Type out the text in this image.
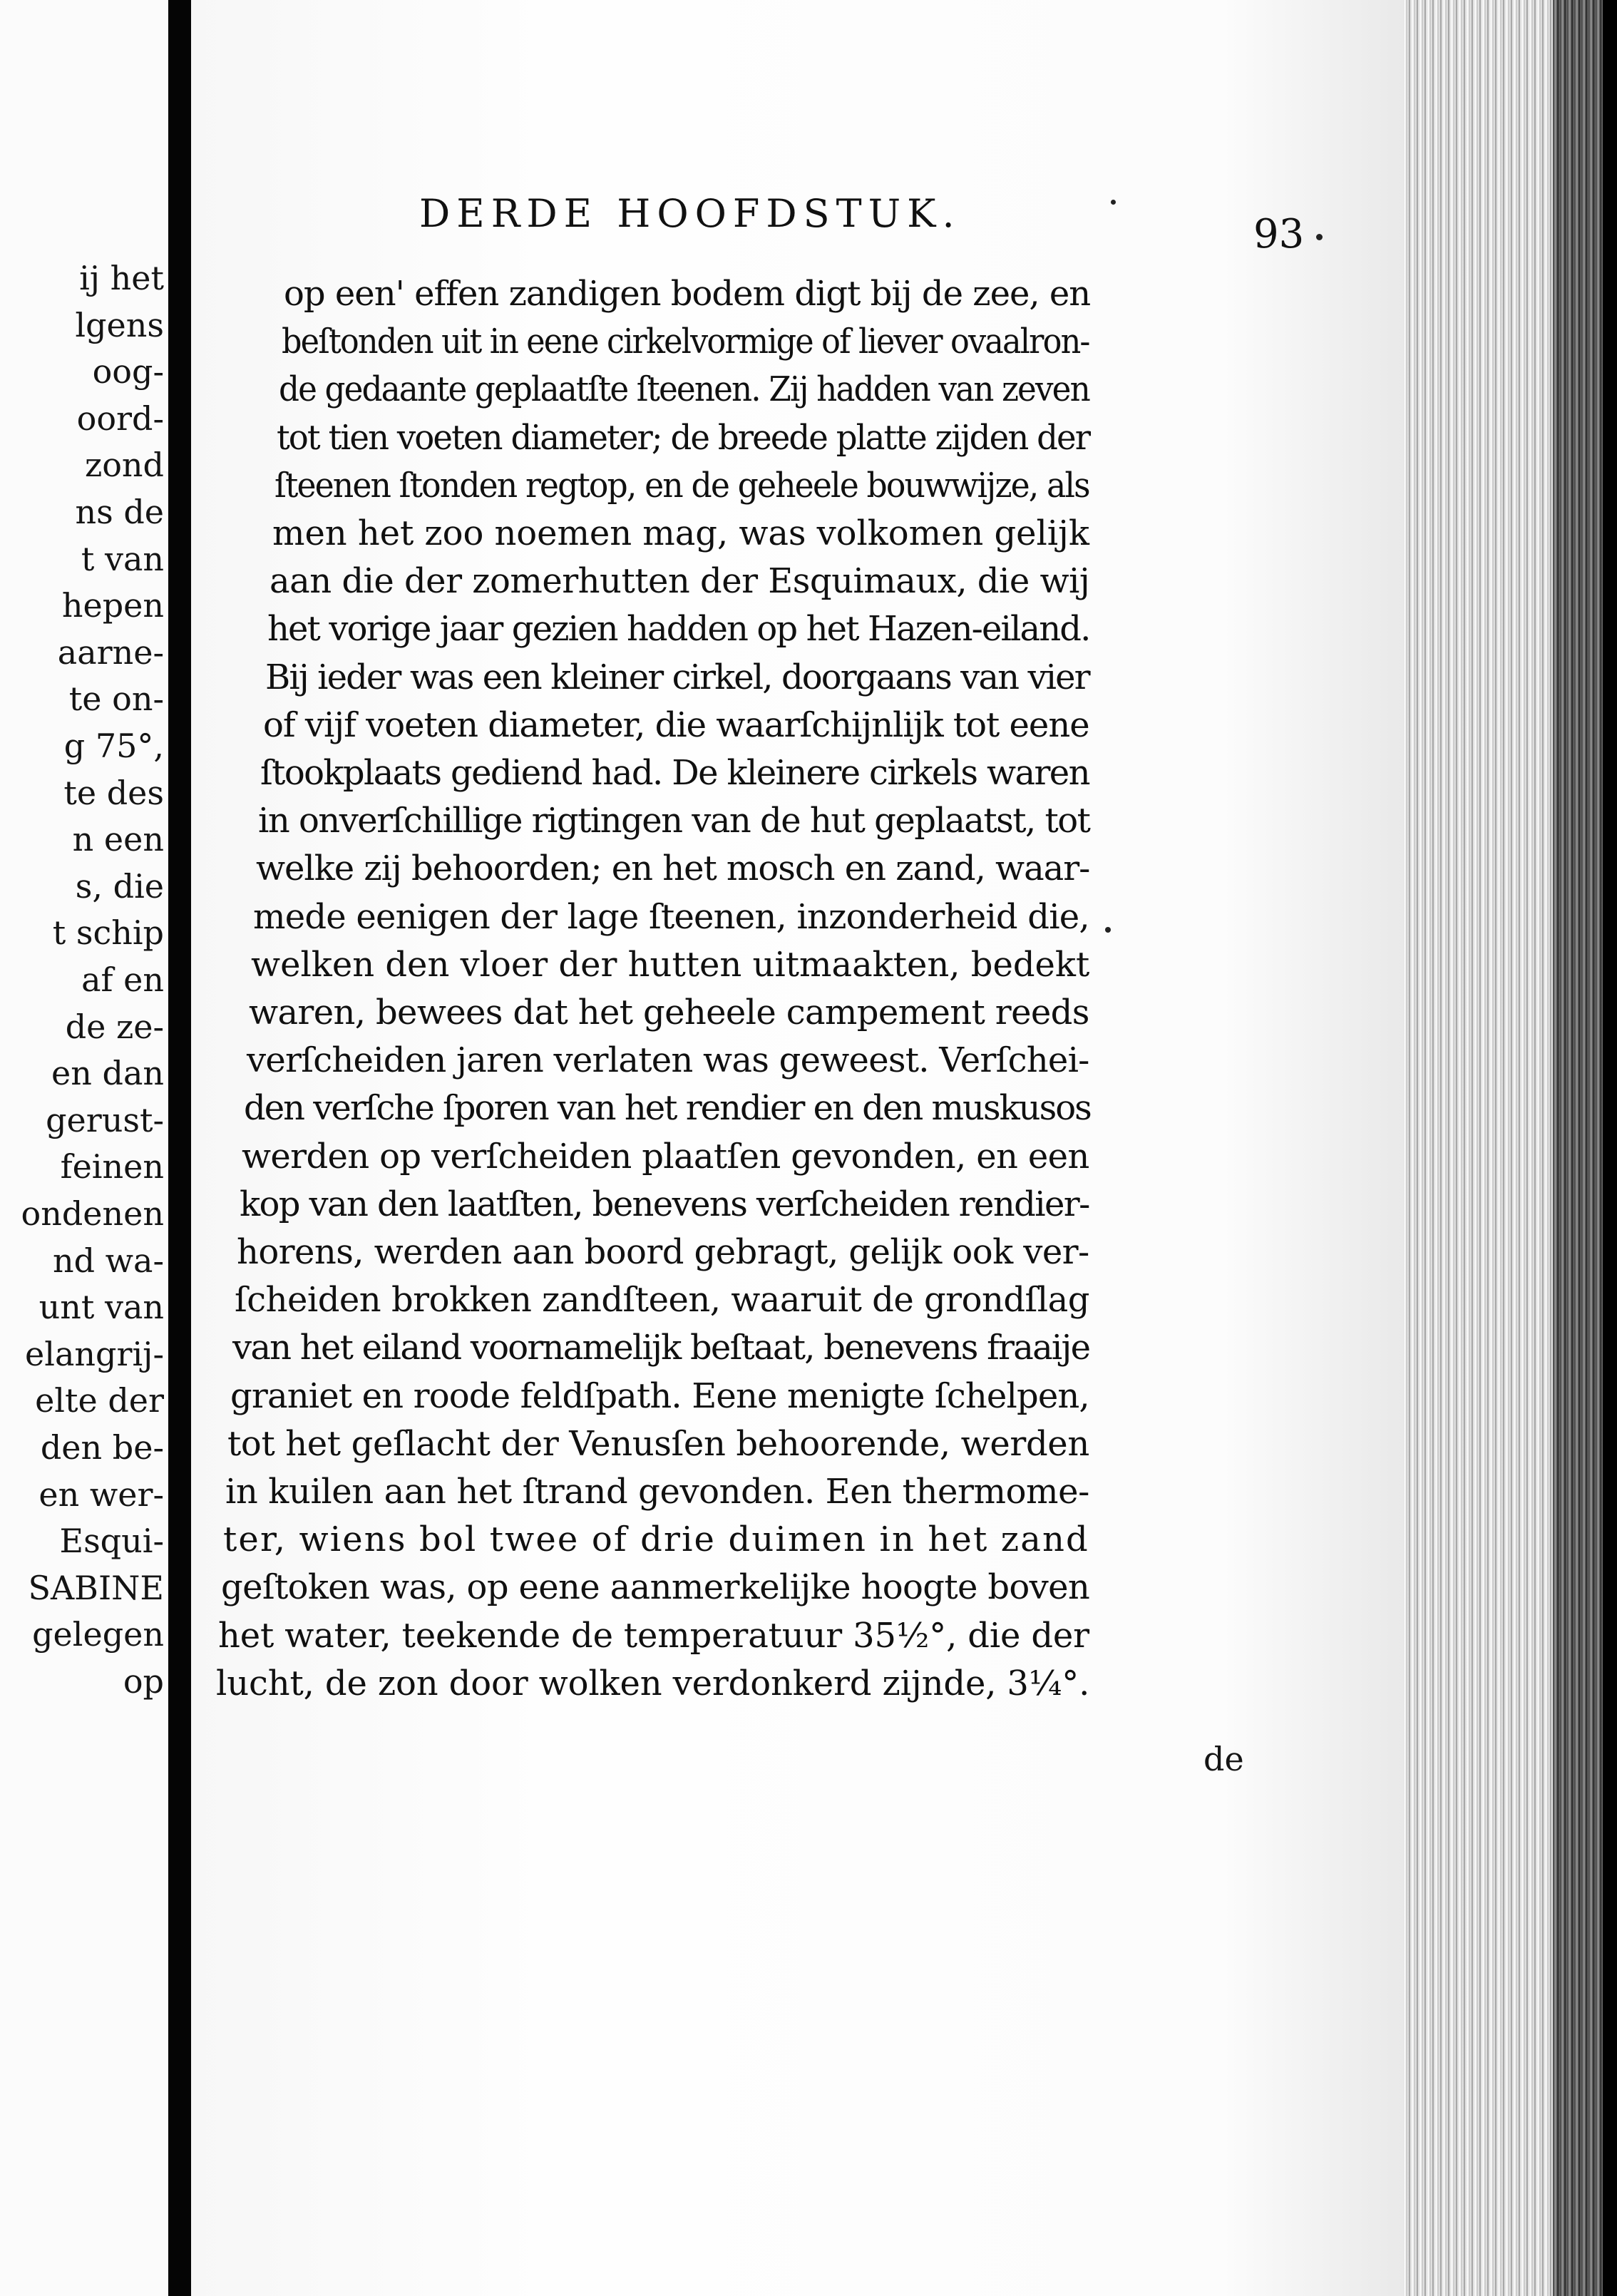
ij het
lgens
oog-
oord-
zond
ns de
t van
hepen
aarne-
te on-
g 75°,
te des
n een
s, die
t schip
af en
de ze-
en dan
gerust-
feinen
ondenen
nd wa-
unt van
elangrij-
elte der
den be-
en wer-
Esqui-
SABINE
gelegen
op
DERDE HOOFDSTUK.	93
op een' effen zandigen bodem digt bij de zee, en
beſtonden uit in eene cirkelvormige of liever ovaalron-
de gedaante geplaatſte ſteenen. Zij hadden van zeven
tot tien voeten diameter; de breede platte zijden der
ſteenen ſtonden regtop, en de geheele bouwwijze, als
men het zoo noemen mag, was volkomen gelijk
aan die der zomerhutten der Esquimaux, die wij
het vorige jaar gezien hadden op het Hazen-eiland.
Bij ieder was een kleiner cirkel, doorgaans van vier
of vijf voeten diameter, die waarſchijnlijk tot eene
ſtookplaats gediend had. De kleinere cirkels waren
in onverſchillige rigtingen van de hut geplaatst, tot
welke zij behoorden; en het mosch en zand, waar-
mede eenigen der lage ſteenen, inzonderheid die,
welken den vloer der hutten uitmaakten, bedekt
waren, bewees dat het geheele campement reeds
verſcheiden jaren verlaten was geweest. Verſchei-
den verſche ſporen van het rendier en den muskusos
werden op verſcheiden plaatſen gevonden, en een
kop van den laatſten, benevens verſcheiden rendier-
horens, werden aan boord gebragt, gelijk ook ver-
ſcheiden brokken zandſteen, waaruit de grondſlag
van het eiland voornamelijk beſtaat, benevens fraaije
graniet en roode feldſpath. Eene menigte ſchelpen,
tot het geſlacht der Venusſen behoorende, werden
in kuilen aan het ſtrand gevonden. Een thermome-
ter, wiens bol twee of drie duimen in het zand
geſtoken was, op eene aanmerkelijke hoogte boven
het water, teekende de temperatuur 35½°, die der
lucht, de zon door wolken verdonkerd zijnde, 3¼°.
de
